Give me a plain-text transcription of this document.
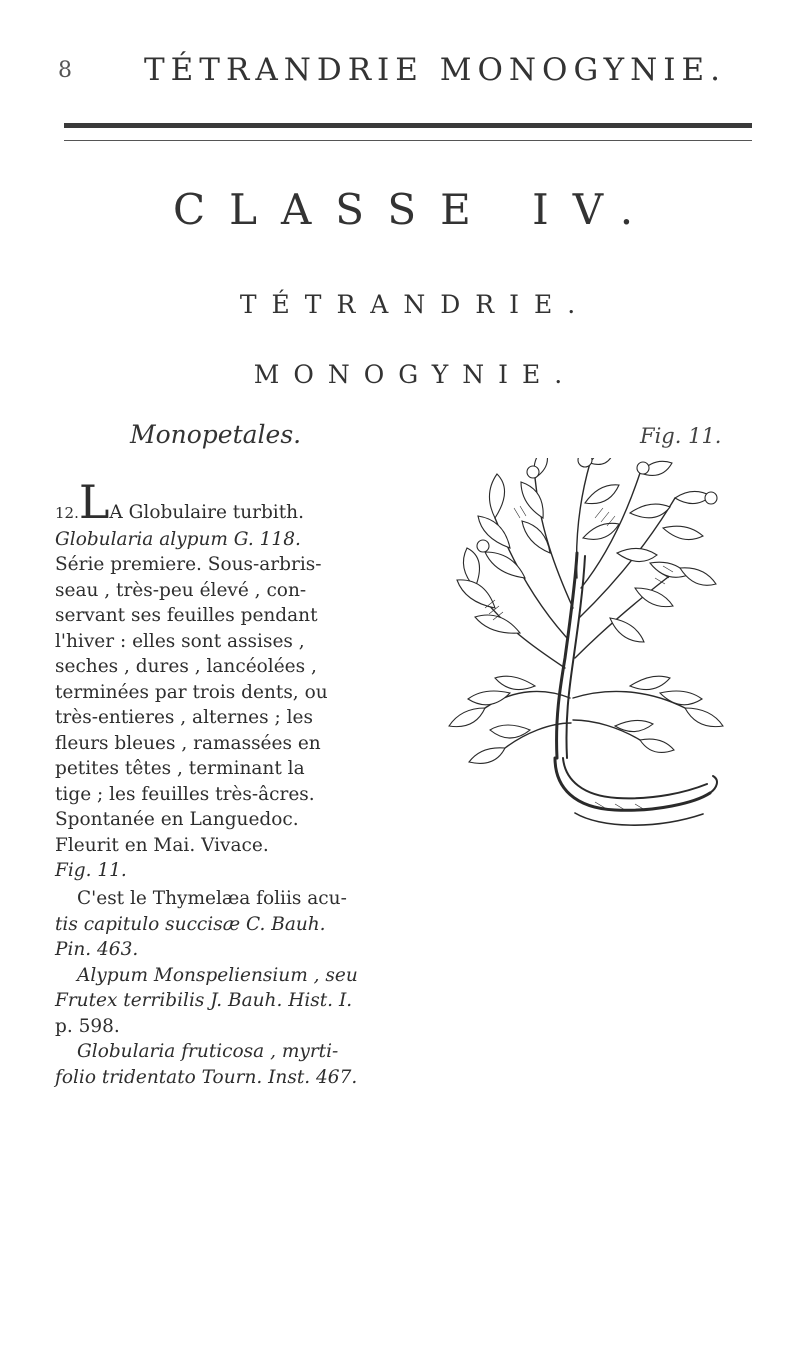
8 TÉTRANDRIE MONOGYNIE.
CLASSE IV.
TÉTRANDRIE.
MONOGYNIE.
Monopetales.	Fig. 11.
12.LA Globulaire turbith.
Globularia alypum G. 118.
Série premiere. Sous-arbris-
seau , très-peu élevé , con-
servant ses feuilles pendant
l'hiver : elles sont assises ,
seches , dures , lancéolées ,
terminées par trois dents, ou
très-entieres , alternes ; les
fleurs bleues , ramassées en
petites têtes , terminant la
tige ; les feuilles très-âcres.
Spontanée en Languedoc.
Fleurit en Mai. Vivace.
Fig. 11.
C'est le Thymelæa foliis acu-
tis capitulo succisæ C. Bauh.
Pin. 463.
Alypum Monspeliensium , seu
Frutex terribilis J. Bauh. Hist. I.
p. 598.
Globularia fruticosa , myrti-
folio tridentato Tourn. Inst. 467.
